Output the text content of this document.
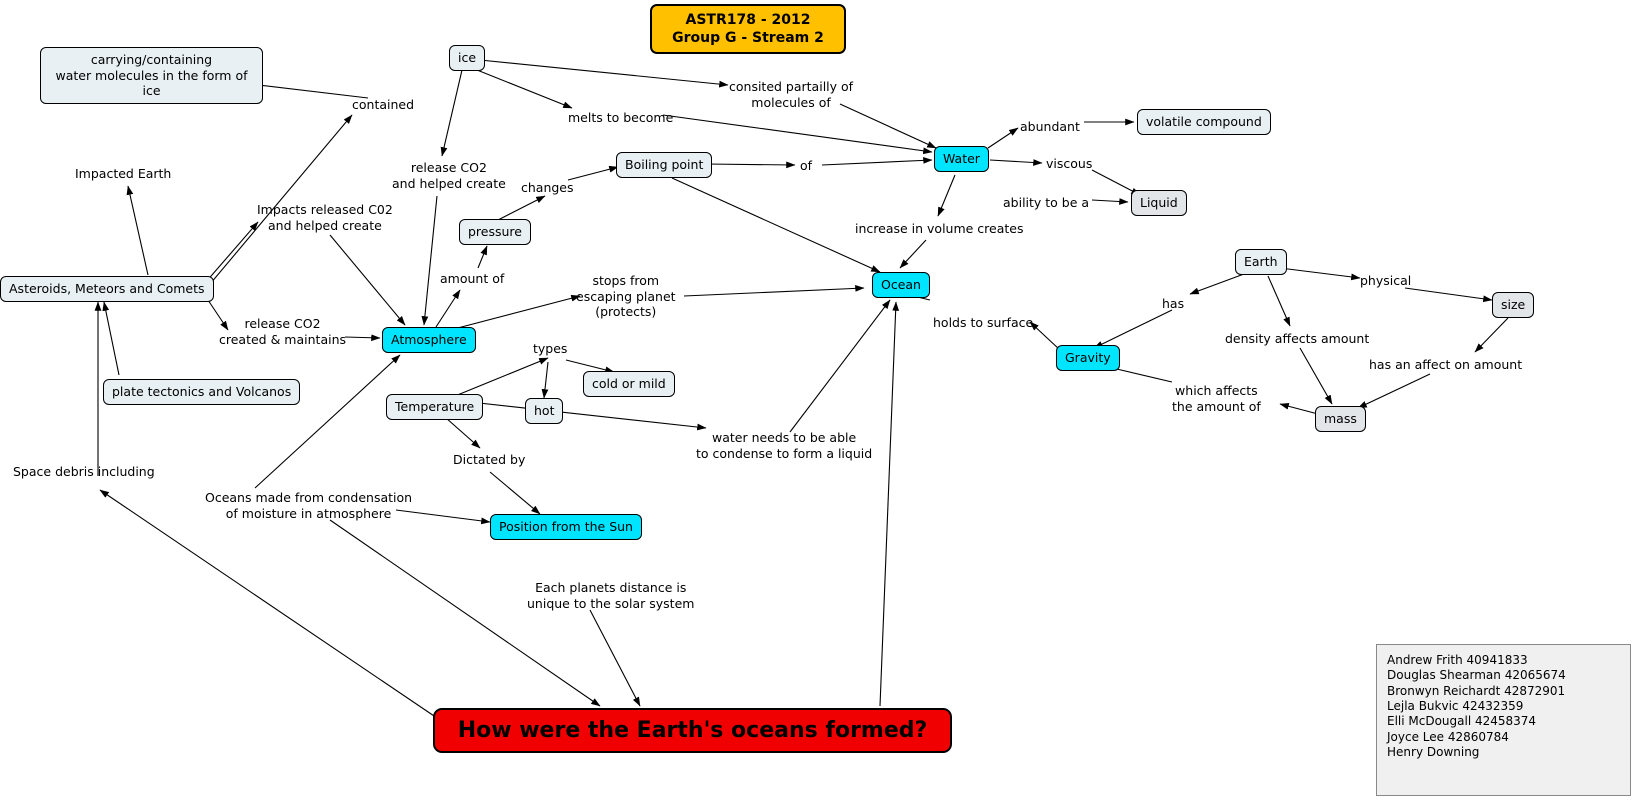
ASTR178 - 2012
Group G - Stream 2
ice
carrying/containing
water molecules in the form of ice
Water
volatile compound
Liquid
Boiling point
pressure
Ocean
Atmosphere
Asteroids, Meteors and Comets
plate tectonics and Volcanos
Temperature	hot
cold or mild
Position from the Sun
Earth
Gravity
size
mass
contained
Impacted Earth
Impacts released C02
and helped create
release CO2
created & maintains
Space debris including
release CO2
and helped create
melts to become
consited partailly of
molecules of
abundant
viscous
ability to be a
of
changes
amount of
increase in volume creates
stops from
escaping planet
(protects)
holds to surface
types
Dictated by
Oceans made from condensation
of moisture in atmosphere
Each planets distance is
unique to the solar system
water needs to be able
to condense to form a liquid
has
physical
density affects amount
has an affect on amount
which affects
the amount of
How were the Earth's oceans formed?
Andrew Frith 40941833
Douglas Shearman 42065674
Bronwyn Reichardt 42872901
Lejla Bukvic 42432359
Elli McDougall 42458374
Joyce Lee 42860784
Henry Downing
